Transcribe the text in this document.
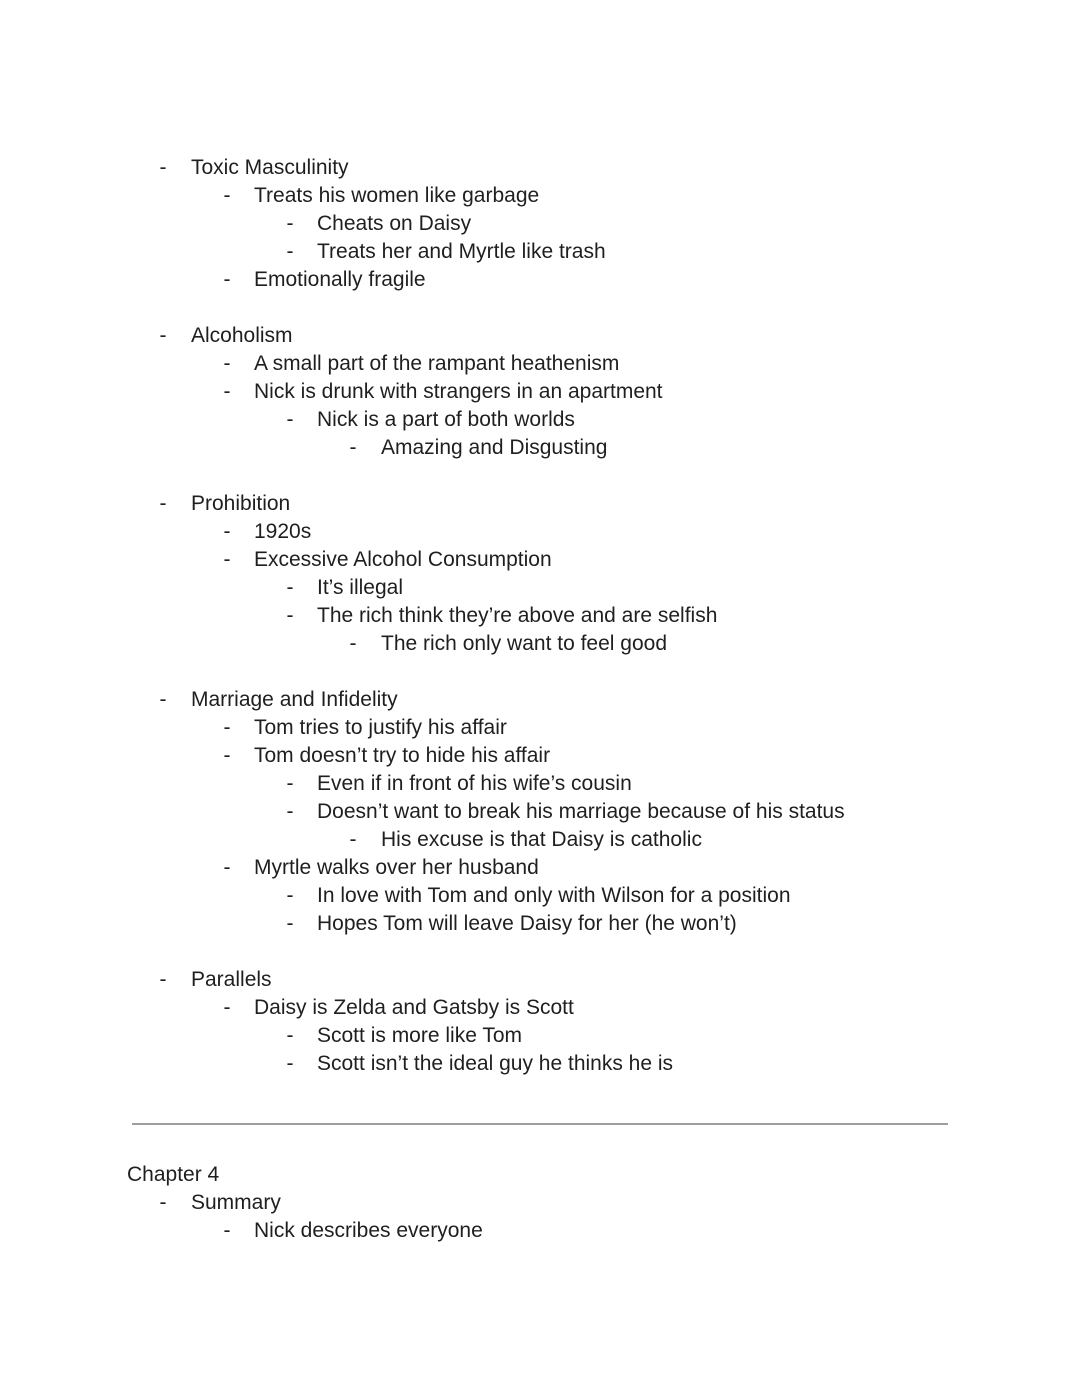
- Toxic Masculinity
- Treats his women like garbage
- Cheats on Daisy
- Treats her and Myrtle like trash
- Emotionally fragile
- Alcoholism
- A small part of the rampant heathenism
- Nick is drunk with strangers in an apartment
- Nick is a part of both worlds
- Amazing and Disgusting
- Prohibition
- 1920s
- Excessive Alcohol Consumption
- It’s illegal
- The rich think they’re above and are selfish
- The rich only want to feel good
- Marriage and Infidelity
- Tom tries to justify his affair
- Tom doesn’t try to hide his affair
- Even if in front of his wife’s cousin
- Doesn’t want to break his marriage because of his status
- His excuse is that Daisy is catholic
- Myrtle walks over her husband
- In love with Tom and only with Wilson for a position
- Hopes Tom will leave Daisy for her (he won’t)
- Parallels
- Daisy is Zelda and Gatsby is Scott
- Scott is more like Tom
- Scott isn’t the ideal guy he thinks he is
Chapter 4
- Summary
- Nick describes everyone
